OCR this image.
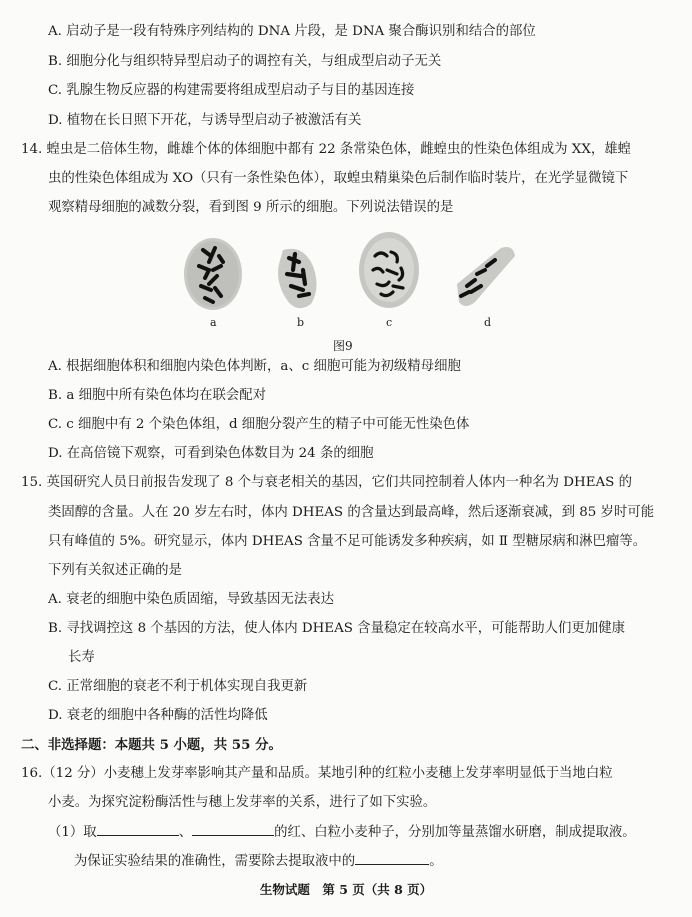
A. 启动子是一段有特殊序列结构的 DNA 片段，是 DNA 聚合酶识别和结合的部位
B. 细胞分化与组织特异型启动子的调控有关，与组成型启动子无关
C. 乳腺生物反应器的构建需要将组成型启动子与目的基因连接
D. 植物在长日照下开花，与诱导型启动子被激活有关
14. 蝗虫是二倍体生物，雌雄个体的体细胞中都有 22 条常染色体，雌蝗虫的性染色体组成为 XX，雄蝗
虫的性染色体组成为 XO（只有一条性染色体），取蝗虫精巢染色后制作临时装片，在光学显微镜下
观察精母细胞的减数分裂，看到图 9 所示的细胞。下列说法错误的是
a	b	c	d
图9
A. 根据细胞体积和细胞内染色体判断，a、c 细胞可能为初级精母细胞
B. a 细胞中所有染色体均在联会配对
C. c 细胞中有 2 个染色体组，d 细胞分裂产生的精子中可能无性染色体
D. 在高倍镜下观察，可看到染色体数目为 24 条的细胞
15. 英国研究人员日前报告发现了 8 个与衰老相关的基因，它们共同控制着人体内一种名为 DHEAS 的
类固醇的含量。人在 20 岁左右时，体内 DHEAS 的含量达到最高峰，然后逐渐衰减，到 85 岁时可能
只有峰值的 5%。研究显示，体内 DHEAS 含量不足可能诱发多种疾病，如 Ⅱ 型糖尿病和淋巴瘤等。
下列有关叙述正确的是
A. 衰老的细胞中染色质固缩，导致基因无法表达
B. 寻找调控这 8 个基因的方法，使人体内 DHEAS 含量稳定在较高水平，可能帮助人们更加健康
长寿
C. 正常细胞的衰老不利于机体实现自我更新
D. 衰老的细胞中各种酶的活性均降低
二、非选择题：本题共 5 小题，共 55 分。
16.（12 分）小麦穗上发芽率影响其产量和品质。某地引种的红粒小麦穗上发芽率明显低于当地白粒
小麦。为探究淀粉酶活性与穗上发芽率的关系，进行了如下实验。
（1）取	、	的红、白粒小麦种子，分别加等量蒸馏水研磨，制成提取液。
为保证实验结果的准确性，需要除去提取液中的	。
生物试题　第 5 页（共 8 页）
